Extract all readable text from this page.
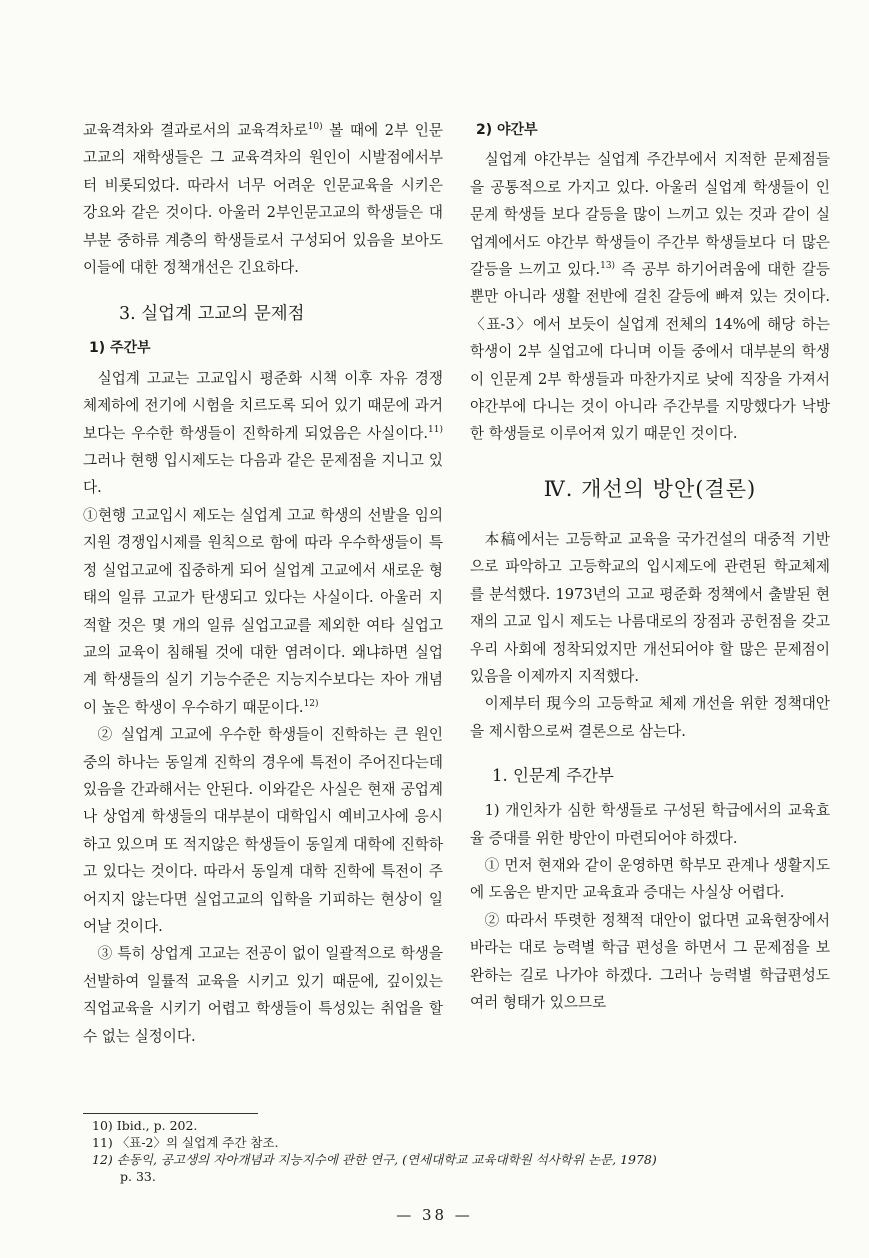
교육격차와 결과로서의 교육격차로$^{10)}$ 볼 때에 2부 인문고교의 재학생들은 그 교육격차의 원인이 시발점에서부터 비롯되었다. 따라서 너무 어려운 인문교육을 시키은 강요와 같은 것이다. 아울러 2부인문고교의 학생들은 대부분 중하류 계층의 학생들로서 구성되어 있음을 보아도 이들에 대한 정책개선은 긴요하다.

3. 실업계 고교의 문제점
1) 주간부

실업계 고교는 고교입시 평준화 시책 이후 자유 경쟁 체제하에 전기에 시험을 치르도록 되어 있기 때문에 과거보다는 우수한 학생들이 진학하게 되었음은 사실이다.$^{11)}$ 그러나 현행 입시제도는 다음과 같은 문제점을 지니고 있다.

①현행 고교입시 제도는 실업계 고교 학생의 선발을 임의지원 경쟁입시제를 원칙으로 함에 따라 우수학생들이 특정 실업고교에 집중하게 되어 실업계 고교에서 새로운 형태의 일류 고교가 탄생되고 있다는 사실이다. 아울러 지적할 것은 몇 개의 일류 실업고교를 제외한 여타 실업고교의 교육이 침해될 것에 대한 염려이다. 왜냐하면 실업계 학생들의 실기 기능수준은 지능지수보다는 자아 개념이 높은 학생이 우수하기 때문이다.$^{12)}$

② 실업계 고교에 우수한 학생들이 진학하는 큰 원인 중의 하나는 동일계 진학의 경우에 특전이 주어진다는데 있음을 간과해서는 안된다. 이와같은 사실은 현재 공업계나 상업계 학생들의 대부분이 대학입시 예비고사에 응시하고 있으며 또 적지않은 학생들이 동일계 대학에 진학하고 있다는 것이다. 따라서 동일계 대학 진학에 특전이 주어지지 않는다면 실업고교의 입학을 기피하는 현상이 일어날 것이다.

③ 특히 상업계 고교는 전공이 없이 일괄적으로 학생을 선발하여 일률적 교육을 시키고 있기 때문에, 깊이있는 직업교육을 시키기 어렵고 학생들이 특성있는 취업을 할 수 없는 실정이다.

2) 야간부

실업계 야간부는 실업계 주간부에서 지적한 문제점들을 공통적으로 가지고 있다. 아울러 실업계 학생들이 인문계 학생들 보다 갈등을 많이 느끼고 있는 것과 같이 실업계에서도 야간부 학생들이 주간부 학생들보다 더 많은 갈등을 느끼고 있다.$^{13)}$ 즉 공부 하기어려움에 대한 갈등 뿐만 아니라 생활 전반에 걸친 갈등에 빠져 있는 것이다. 〈표-3〉에서 보듯이 실업계 전체의 14%에 해당 하는 학생이 2부 실업고에 다니며 이들 중에서 대부분의 학생이 인문계 2부 학생들과 마찬가지로 낮에 직장을 가져서 야간부에 다니는 것이 아니라 주간부를 지망했다가 낙방한 학생들로 이루어져 있기 때문인 것이다.

Ⅳ. 개선의 방안(결론)

本稿에서는 고등학교 교육을 국가건설의 대중적 기반으로 파악하고 고등학교의 입시제도에 관련된 학교체제를 분석했다. 1973년의 고교 평준화 정책에서 출발된 현재의 고교 입시 제도는 나름대로의 장점과 공헌점을 갖고 우리 사회에 정착되었지만 개선되어야 할 많은 문제점이 있음을 이제까지 지적했다.

이제부터 現今의 고등학교 체제 개선을 위한 정책대안을 제시함으로써 결론으로 삼는다.

1. 인문계 주간부

1) 개인차가 심한 학생들로 구성된 학급에서의 교육효율 증대를 위한 방안이 마련되어야 하겠다.

① 먼저 현재와 같이 운영하면 학부모 관계나 생활지도에 도움은 받지만 교육효과 증대는 사실상 어렵다.

② 따라서 뚜렷한 정책적 대안이 없다면 교육현장에서 바라는 대로 능력별 학급 편성을 하면서 그 문제점을 보완하는 길로 나가야 하겠다. 그러나 능력별 학급편성도 여러 형태가 있으므로

10) Ibid., p. 202.
11) 〈표-2〉의 실업계 주간 참조.
12) 손동익, 공고생의 자아개념과 지능지수에 관한 연구, (연세대학교 교육대학원 석사학위 논문, 1978)
p. 33.
— 38 —
